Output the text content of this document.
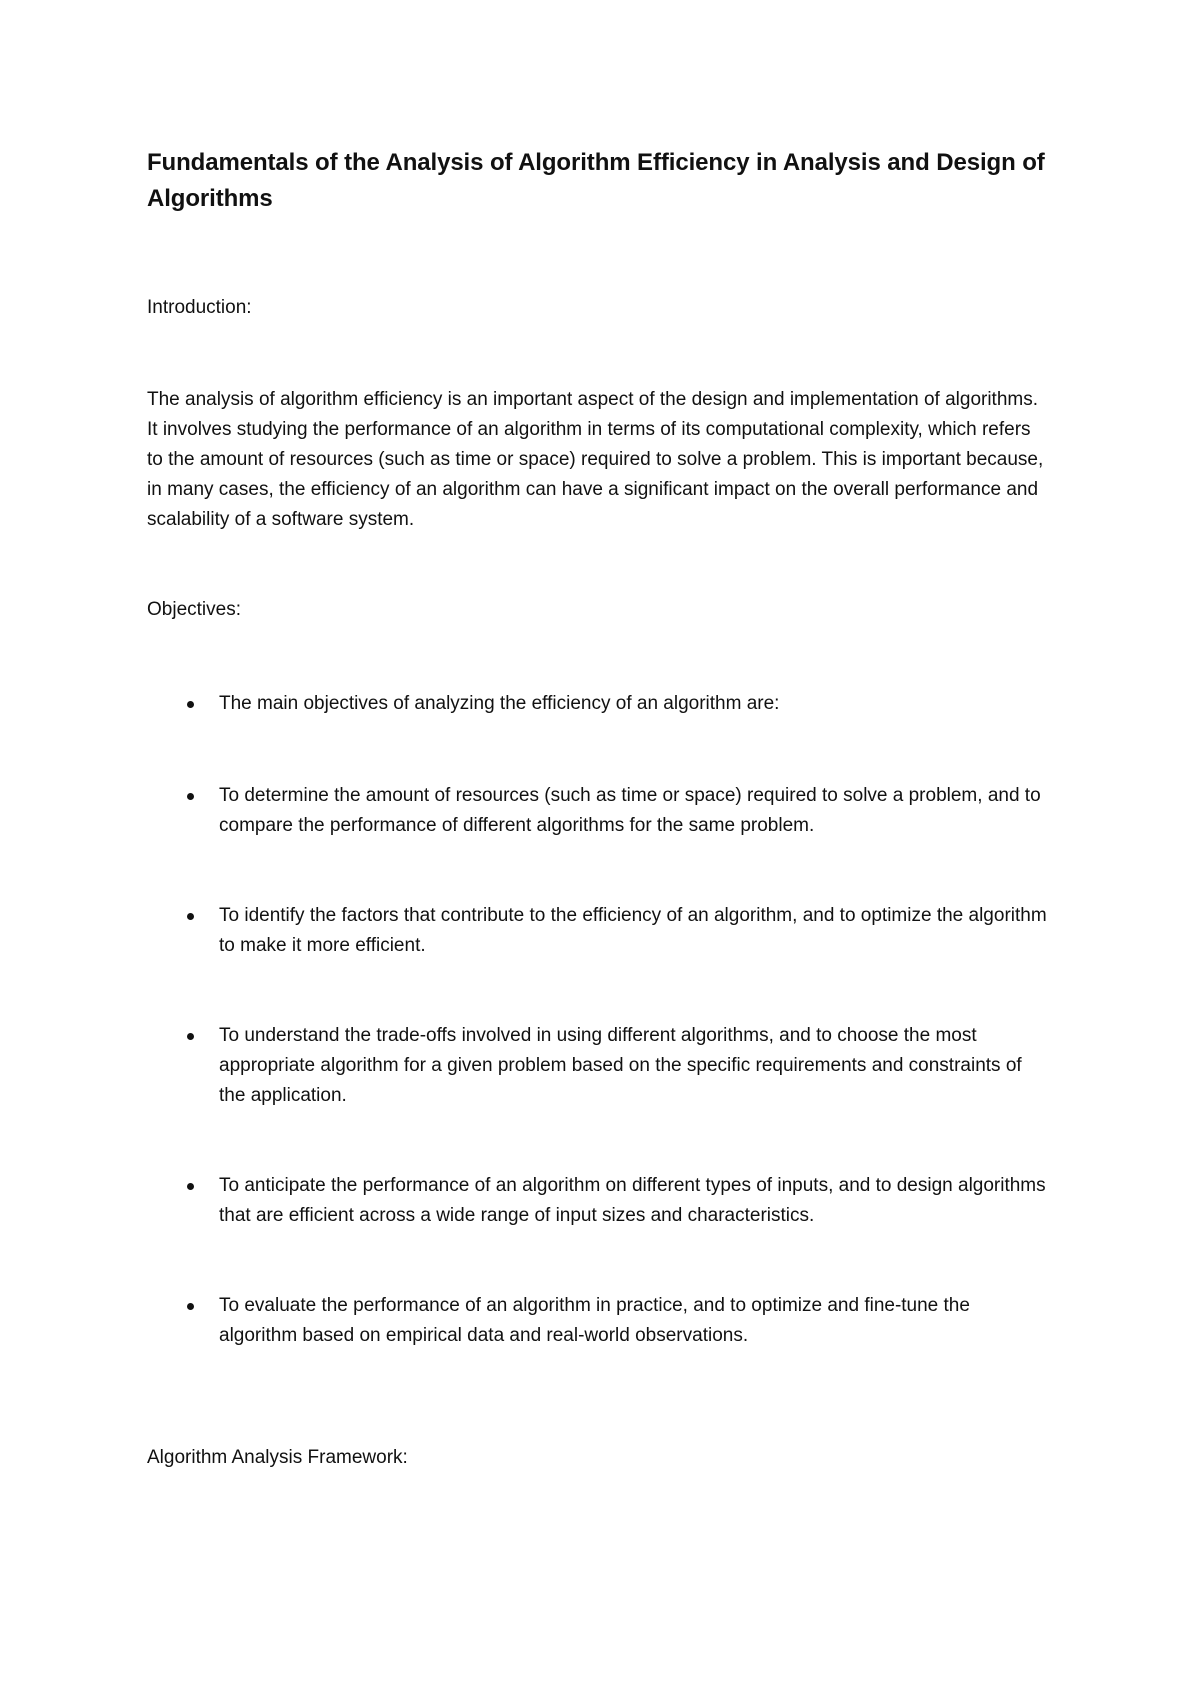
Fundamentals of the Analysis of Algorithm Efficiency in Analysis and Design of Algorithms

Introduction:

The analysis of algorithm efficiency is an important aspect of the design and implementation of algorithms. It involves studying the performance of an algorithm in terms of its computational complexity, which refers to the amount of resources (such as time or space) required to solve a problem. This is important because, in many cases, the efficiency of an algorithm can have a significant impact on the overall performance and scalability of a software system.

Objectives:

The main objectives of analyzing the efficiency of an algorithm are:
To determine the amount of resources (such as time or space) required to solve a problem, and to compare the performance of different algorithms for the same problem.
To identify the factors that contribute to the efficiency of an algorithm, and to optimize the algorithm to make it more efficient.
To understand the trade-offs involved in using different algorithms, and to choose the most appropriate algorithm for a given problem based on the specific requirements and constraints of the application.
To anticipate the performance of an algorithm on different types of inputs, and to design algorithms that are efficient across a wide range of input sizes and characteristics.
To evaluate the performance of an algorithm in practice, and to optimize and fine-tune the algorithm based on empirical data and real-world observations.

Algorithm Analysis Framework:
